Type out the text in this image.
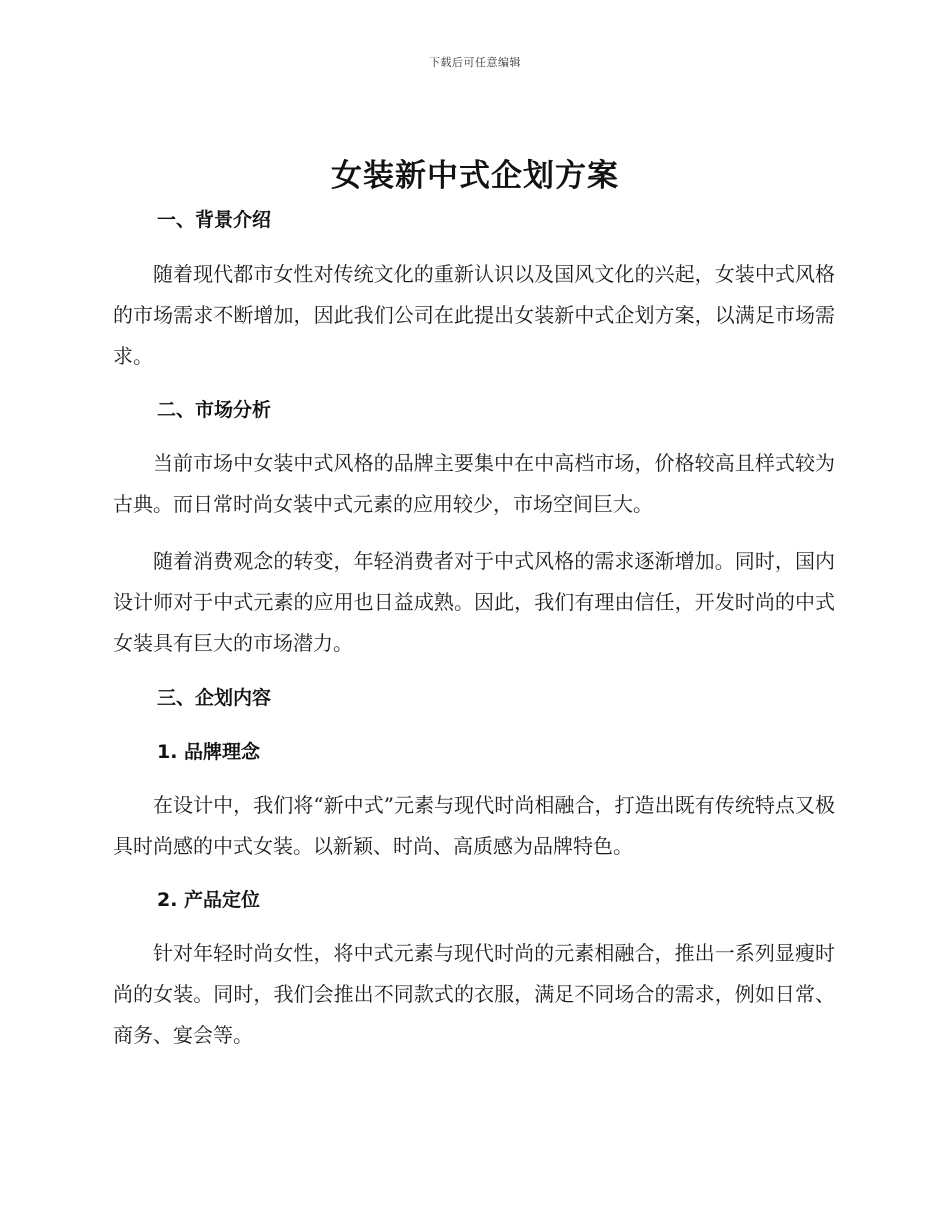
下载后可任意编辑
女装新中式企划方案
一、背景介绍

随着现代都市女性对传统文化的重新认识以及国风文化的兴起，女装中式风格的市场需求不断增加，因此我们公司在此提出女装新中式企划方案，以满足市场需求。

二、市场分析

当前市场中女装中式风格的品牌主要集中在中高档市场，价格较高且样式较为古典。而日常时尚女装中式元素的应用较少，市场空间巨大。

随着消费观念的转变，年轻消费者对于中式风格的需求逐渐增加。同时，国内设计师对于中式元素的应用也日益成熟。因此，我们有理由信任，开发时尚的中式女装具有巨大的市场潜力。

三、企划内容
1. 品牌理念

在设计中，我们将“新中式”元素与现代时尚相融合，打造出既有传统特点又极具时尚感的中式女装。以新颖、时尚、高质感为品牌特色。

2. 产品定位

针对年轻时尚女性，将中式元素与现代时尚的元素相融合，推出一系列显瘦时尚的女装。同时，我们会推出不同款式的衣服，满足不同场合的需求，例如日常、商务、宴会等。
